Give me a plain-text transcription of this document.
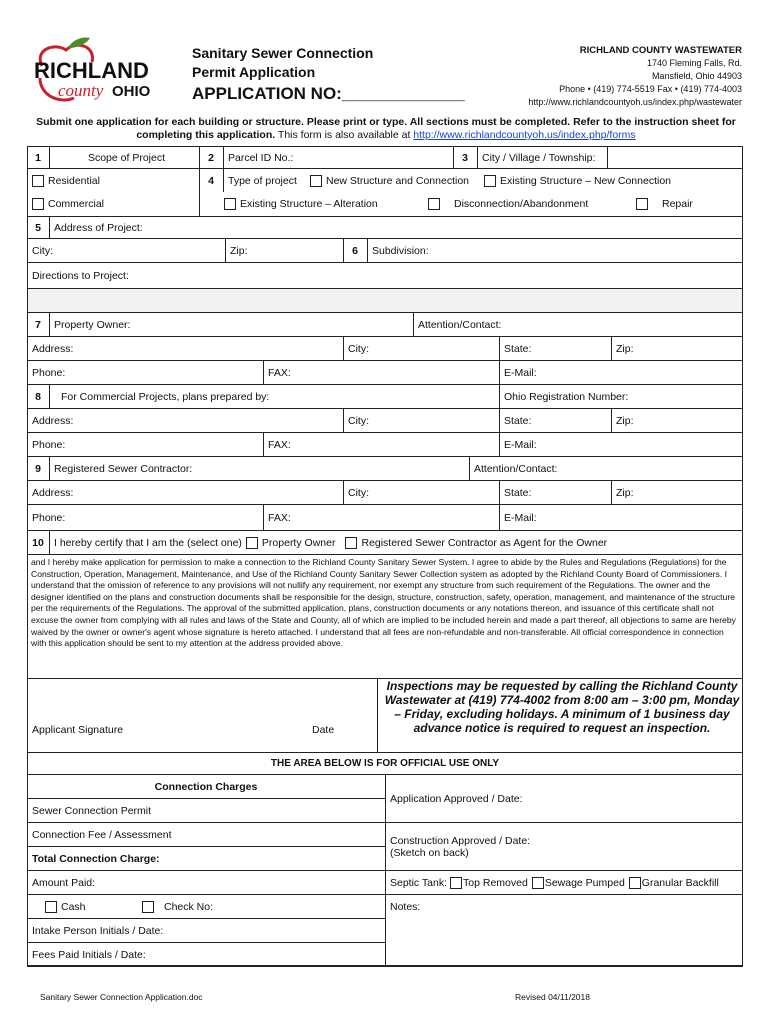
RICHLAND
county OHIO
Sanitary Sewer Connection
Permit Application
APPLICATION NO:_____________
RICHLAND COUNTY WASTEWATER
1740 Fleming Falls, Rd.
Mansfield, Ohio 44903
Phone • (419) 774-5519 Fax • (419) 774-4003
http://www.richlandcountyoh.us/index.php/wastewater
Submit one application for each building or structure. Please print or type. All sections must be completed. Refer to the instruction sheet for completing this application. This form is also available at http://www.richlandcountyoh.us/index.php/forms
1	Scope of Project	2	Parcel ID No.:	3	City / Village / Township:
Residential	4	Type of project	New Structure and Connection	Existing Structure – New Connection
Commercial	Existing Structure – Alteration	Disconnection/Abandonment	Repair
5	Address of Project:
City:	Zip:	6	Subdivision:
Directions to Project:
7	Property Owner:	Attention/Contact:
Address:	City:	State:	Zip:
Phone:	FAX:	E-Mail:
8	For Commercial Projects, plans prepared by:	Ohio Registration Number:
Address:	City:	State:	Zip:
Phone:	FAX:	E-Mail:
9	Registered Sewer Contractor:	Attention/Contact:
Address:	City:	State:	Zip:
Phone:	FAX:	E-Mail:
10 I hereby certify that I am the (select one) Property Owner Registered Sewer Contractor as Agent for the Owner
and I hereby make application for permission to make a connection to the Richland County Sanitary Sewer System. I agree to abide by the Rules and Regulations (Regulations) for the Construction, Operation, Management, Maintenance, and Use of the Richland County Sanitary Sewer Collection system as adopted by the Richland County Board of Commissioners. I understand that the omission of reference to any provisions will not nullify any requirement, nor exempt any structure from such requirement of the Regulations. The owner and the designer identified on the plans and construction documents shall be responsible for the design, structure, construction, safety, operation, management, and maintenance of the structure per the requirements of the Regulations. The approval of the submitted application, plans, construction documents or any notations thereon, and issuance of this certificate shall not excuse the owner from complying with all rules and laws of the State and County, all of which are implied to be included herein and made a part thereof, all objections to same are hereby waived by the owner or owner's agent whose signature is hereto attached. I understand that all fees are non-refundable and non-transferable. All official correspondence in connection with this application should be sent to my attention at the address provided above.
Applicant Signature	Date
Inspections may be requested by calling the Richland County Wastewater at (419) 774-4002 from 8:00 am – 3:00 pm, Monday – Friday, excluding holidays. A minimum of 1 business day advance notice is required to request an inspection.
THE AREA BELOW IS FOR OFFICIAL USE ONLY
Connection Charges
Application Approved / Date:
Sewer Connection Permit
Connection Fee / Assessment
Construction Approved / Date:
(Sketch on back)
Total Connection Charge:
Amount Paid:	Septic Tank: Top Removed Sewage Pumped Granular Backfill
Cash	Check No:	Notes:
Intake Person Initials / Date:
Fees Paid Initials / Date:
Sanitary Sewer Connection Application.doc	Revised 04/11/2018
